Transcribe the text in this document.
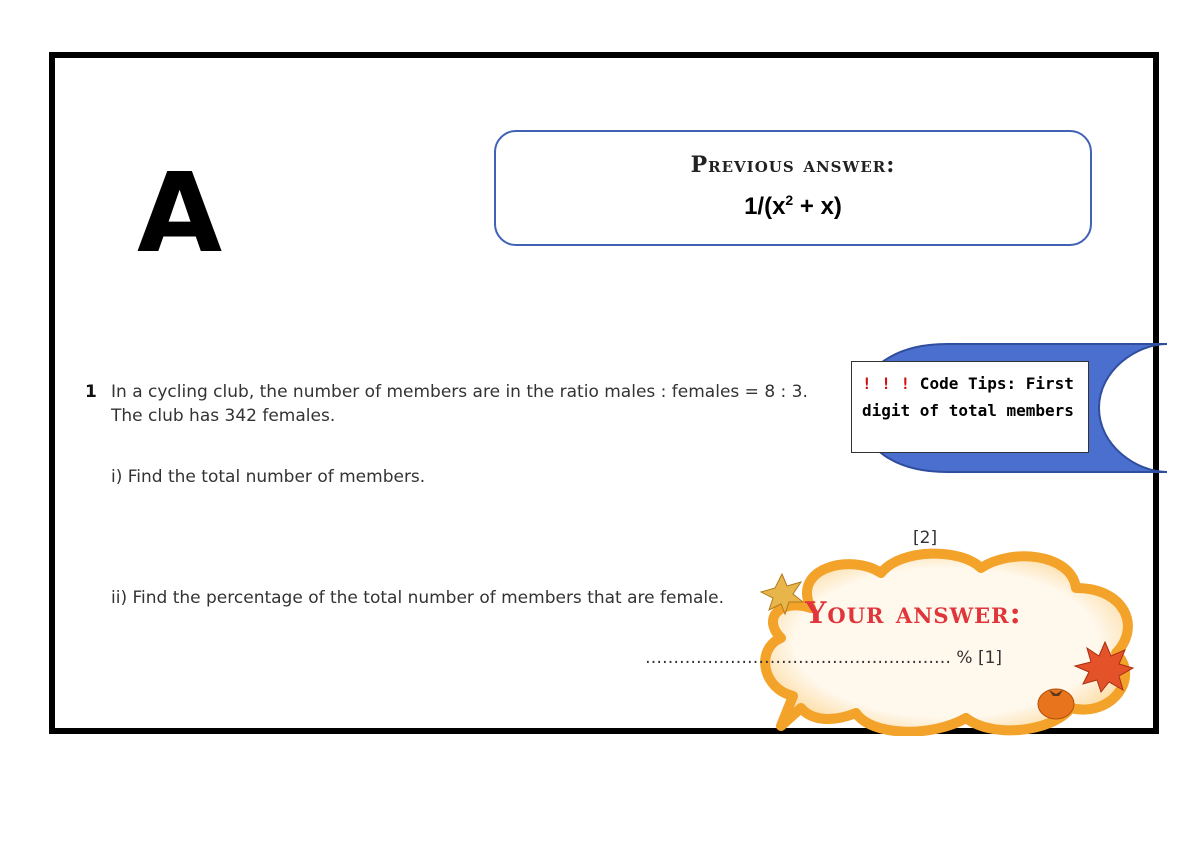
A	Previous answer:
$1/(x^2 + x)$
1 In a cycling club, the number of members are in the ratio males : females = 8 : 3.
The club has 342 females.
i) Find the total number of members.
[2]
ii) Find the percentage of the total number of members that are female.
! ! ! Code Tips: First
digit of total members
Your answer:
……………………………………………… % [1]
